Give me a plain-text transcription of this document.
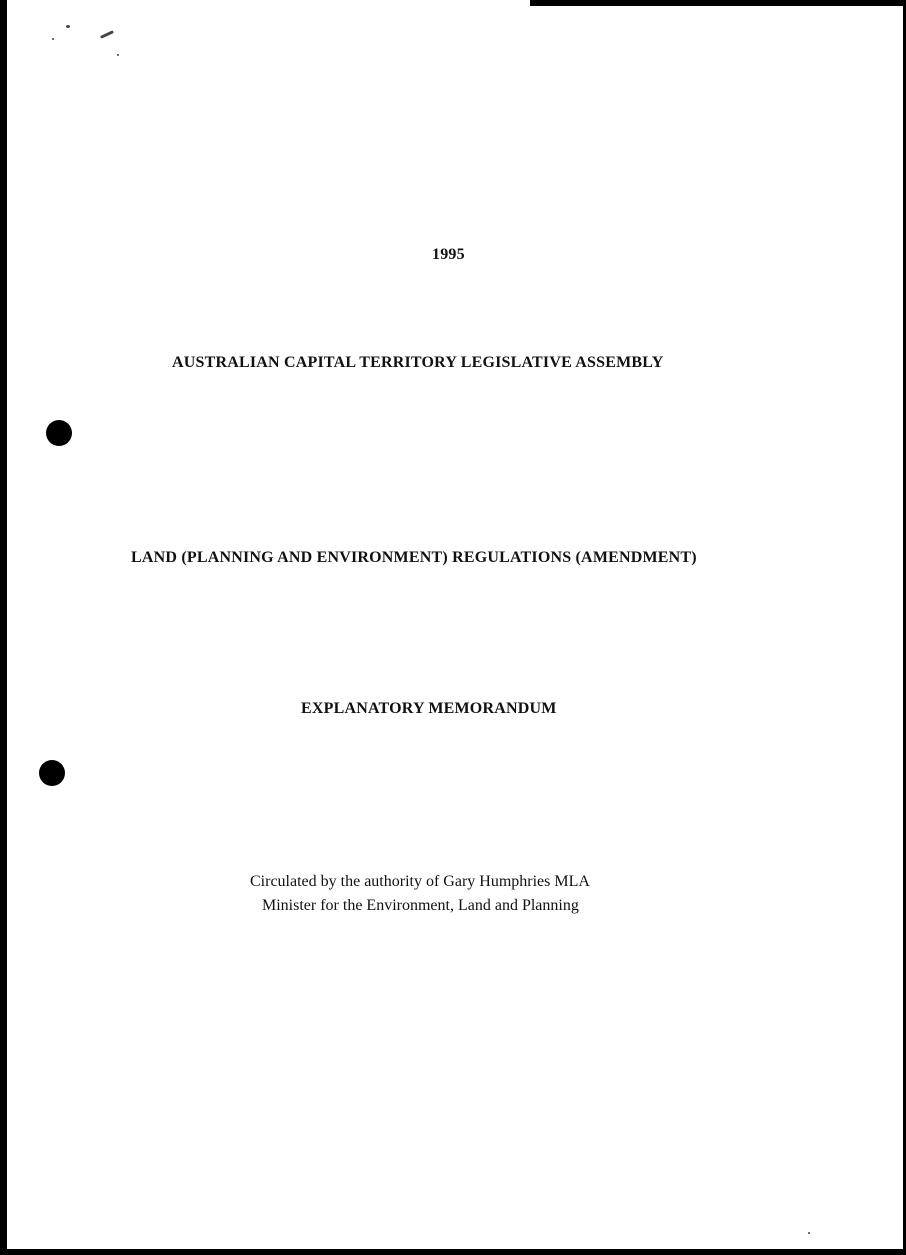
1995
AUSTRALIAN CAPITAL TERRITORY LEGISLATIVE ASSEMBLY
LAND (PLANNING AND ENVIRONMENT) REGULATIONS (AMENDMENT)
EXPLANATORY MEMORANDUM
Circulated by the authority of Gary Humphries MLA
Minister for the Environment, Land and Planning
